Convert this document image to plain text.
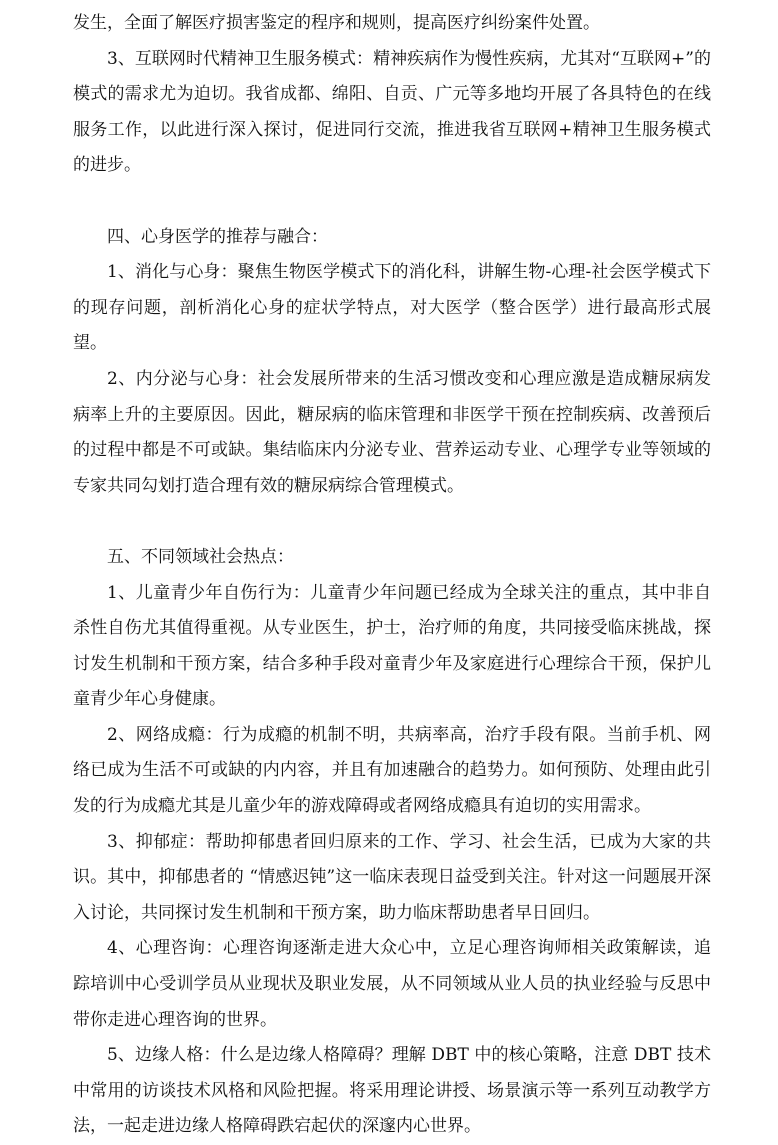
发生，全面了解医疗损害鉴定的程序和规则，提高医疗纠纷案件处置。

3、互联网时代精神卫生服务模式：精神疾病作为慢性疾病，尤其对“互联网+”的模式的需求尤为迫切。我省成都、绵阳、自贡、广元等多地均开展了各具特色的在线服务工作，以此进行深入探讨，促进同行交流，推进我省互联网+精神卫生服务模式的进步。

四、心身医学的推荐与融合：

1、消化与心身：聚焦生物医学模式下的消化科，讲解生物-心理-社会医学模式下的现存问题，剖析消化心身的症状学特点，对大医学（整合医学）进行最高形式展望。

2、内分泌与心身：社会发展所带来的生活习惯改变和心理应激是造成糖尿病发病率上升的主要原因。因此，糖尿病的临床管理和非医学干预在控制疾病、改善预后的过程中都是不可或缺。集结临床内分泌专业、营养运动专业、心理学专业等领域的专家共同勾划打造合理有效的糖尿病综合管理模式。

五、不同领域社会热点：

1、儿童青少年自伤行为：儿童青少年问题已经成为全球关注的重点，其中非自杀性自伤尤其值得重视。从专业医生，护士，治疗师的角度，共同接受临床挑战，探讨发生机制和干预方案，结合多种手段对童青少年及家庭进行心理综合干预，保护儿童青少年心身健康。

2、网络成瘾：行为成瘾的机制不明，共病率高，治疗手段有限。当前手机、网络已成为生活不可或缺的内内容，并且有加速融合的趋势力。如何预防、处理由此引发的行为成瘾尤其是儿童少年的游戏障碍或者网络成瘾具有迫切的实用需求。

3、抑郁症：帮助抑郁患者回归原来的工作、学习、社会生活，已成为大家的共识。其中，抑郁患者的 “情感迟钝”这一临床表现日益受到关注。针对这一问题展开深入讨论，共同探讨发生机制和干预方案，助力临床帮助患者早日回归。

4、心理咨询：心理咨询逐渐走进大众心中，立足心理咨询师相关政策解读，追踪培训中心受训学员从业现状及职业发展，从不同领域从业人员的执业经验与反思中带你走进心理咨询的世界。

5、边缘人格：什么是边缘人格障碍？理解 DBT 中的核心策略，注意 DBT 技术中常用的访谈技术风格和风险把握。将采用理论讲授、场景演示等一系列互动教学方法，一起走进边缘人格障碍跌宕起伏的深邃内心世界。
